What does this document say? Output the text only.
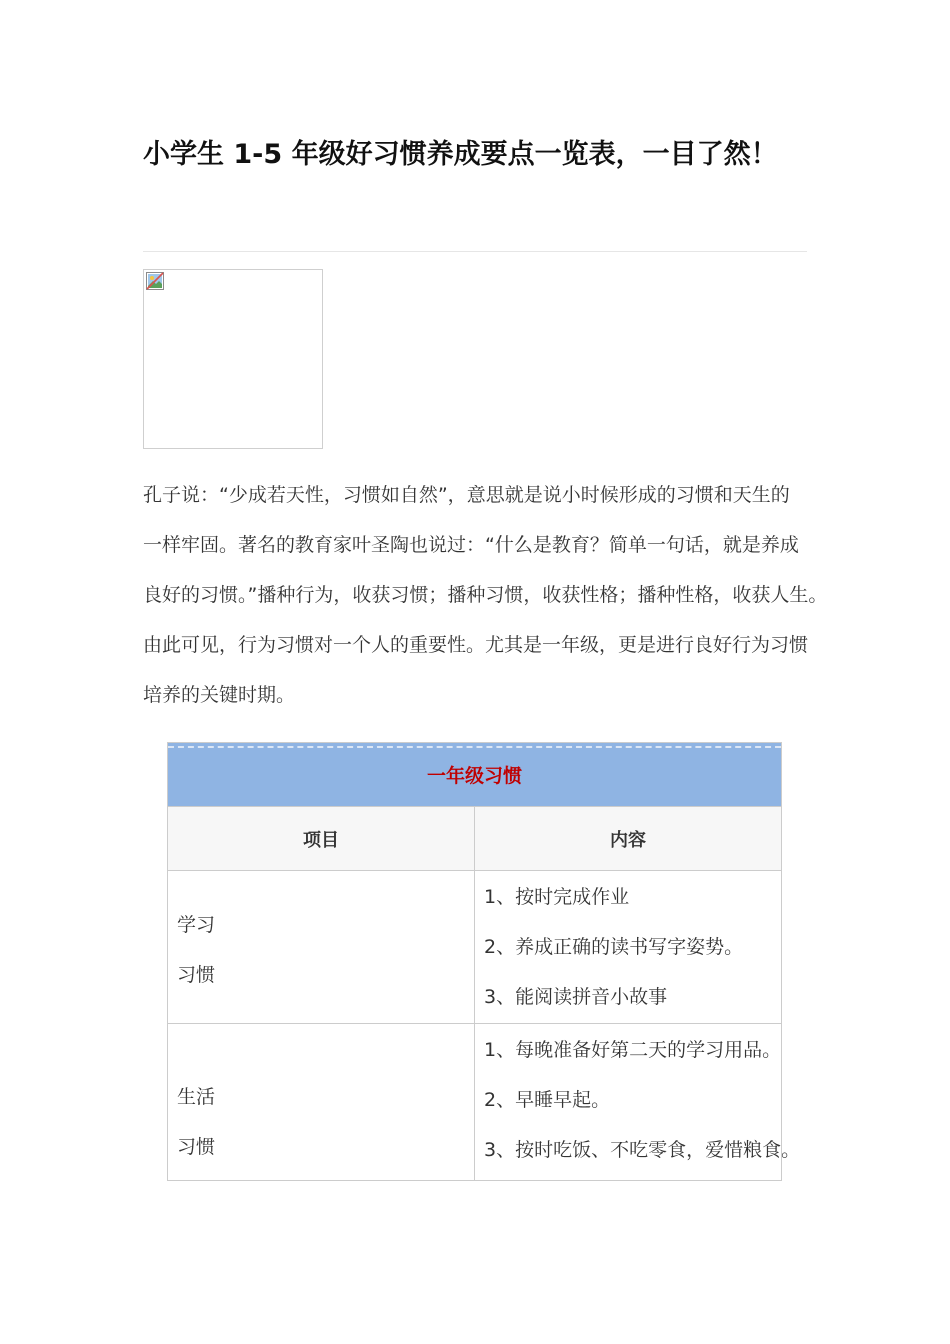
小学生 1-5 年级好习惯养成要点一览表，一目了然！

孔子说：“少成若天性，习惯如自然”，意思就是说小时候形成的习惯和天生的
一样牢固。著名的教育家叶圣陶也说过：“什么是教育？简单一句话，就是养成
良好的习惯。”播种行为，收获习惯；播种习惯，收获性格；播种性格，收获人生。
由此可见，行为习惯对一个人的重要性。尤其是一年级，更是进行良好行为习惯
培养的关键时期。

一年级习惯	
项目	内容

学习
习惯	1、按时完成作业
2、养成正确的读书写字姿势。
3、能阅读拼音小故事

生活
习惯	1、每晚准备好第二天的学习用品。
2、早睡早起。
3、按时吃饭、不吃零食，爱惜粮食。
